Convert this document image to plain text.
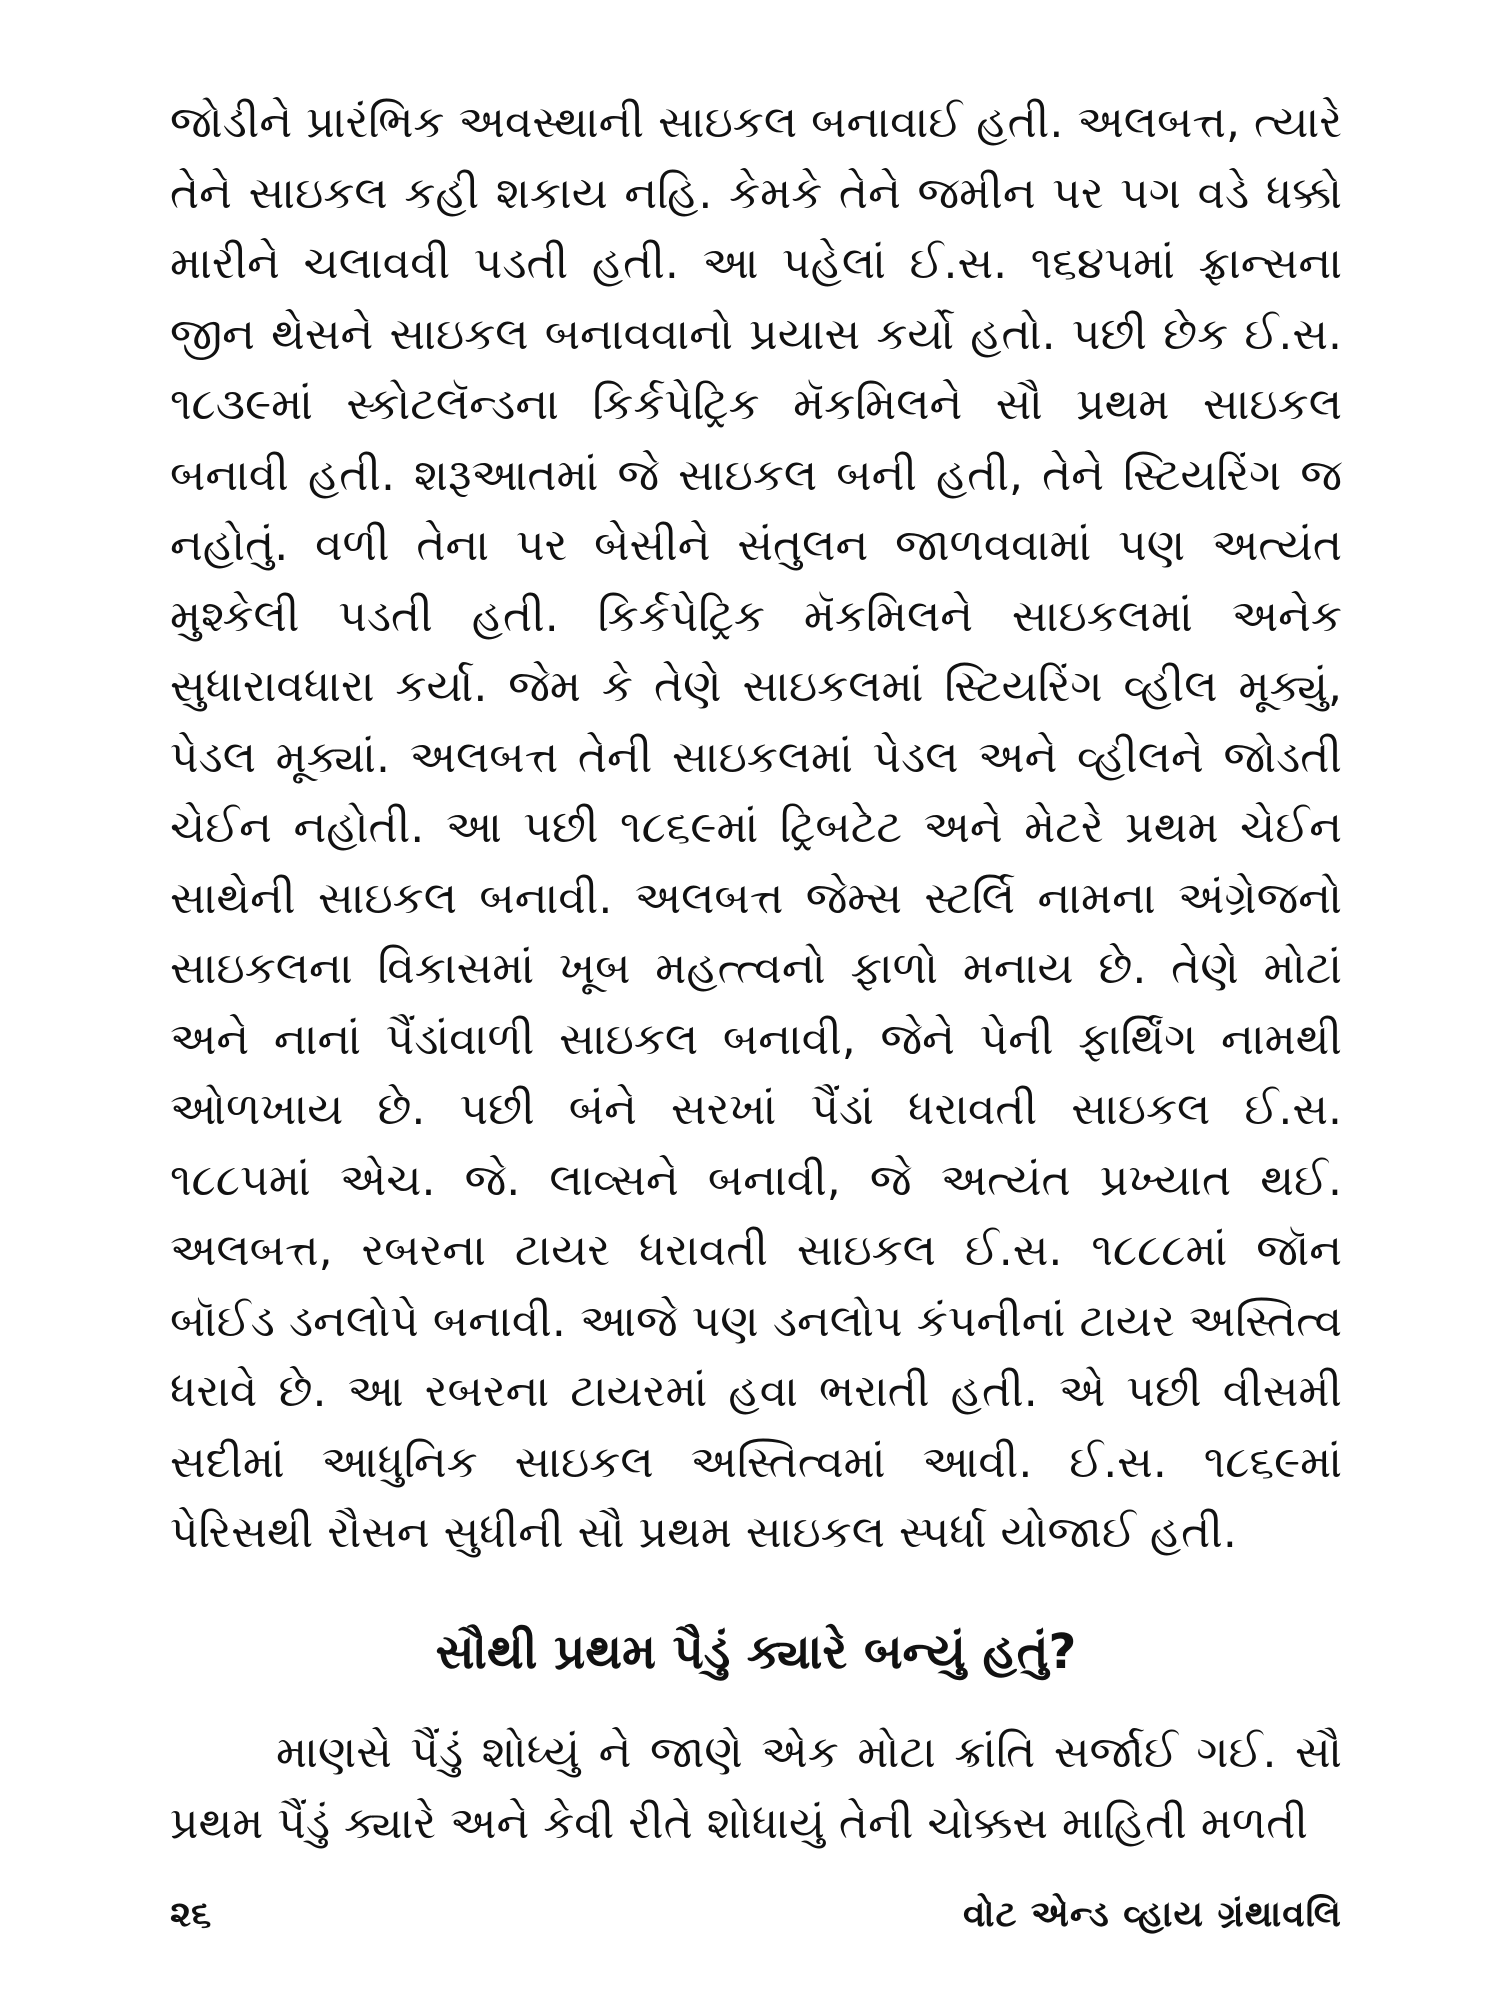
જોડીને પ્રારંભિક અવસ્થાની સાઇકલ બનાવાઈ હતી. અલબત્ત, ત્યારે
તેને સાઇકલ કહી શકાય નહિ. કેમકે તેને જમીન પર પગ વડે ધક્કો
મારીને ચલાવવી પડતી હતી. આ પહેલાં ઈ.સ. ૧૬૪૫માં ફ્રાન્સના
જીન થેસને સાઇકલ બનાવવાનો પ્રયાસ કર્યો હતો. પછી છેક ઈ.સ.
૧૮૩૯માં સ્કોટલૅન્ડના કિર્કપેટ્રિક મૅકમિલને સૌ પ્રથમ સાઇકલ
બનાવી હતી. શરૂઆતમાં જે સાઇકલ બની હતી, તેને સ્ટિયરિંગ જ
નહોતું. વળી તેના પર બેસીને સંતુલન જાળવવામાં પણ અત્યંત
મુશ્કેલી પડતી હતી. કિર્કપેટ્રિક મૅકમિલને સાઇકલમાં અનેક
સુધારાવધારા કર્યા. જેમ કે તેણે સાઇકલમાં સ્ટિયરિંગ વ્હીલ મૂક્યું,
પેડલ મૂક્યાં. અલબત્ત તેની સાઇકલમાં પેડલ અને વ્હીલને જોડતી
ચેઈન નહોતી. આ પછી ૧૮૬૯માં ટ્રિબટેટ અને મેટરે પ્રથમ ચેઈન
સાથેની સાઇકલ બનાવી. અલબત્ત જેમ્સ સ્ટર્લિ નામના અંગ્રેજનો
સાઇકલના વિકાસમાં ખૂબ મહત્ત્વનો ફાળો મનાય છે. તેણે મોટાં
અને નાનાં પૈંડાંવાળી સાઇકલ બનાવી, જેને પેની ફાર્થિંગ નામથી
ઓળખાય છે. પછી બંને સરખાં પૈંડાં ધરાવતી સાઇકલ ઈ.સ.
૧૮૮૫માં એચ. જે. લાવ્સને બનાવી, જે અત્યંત પ્રખ્યાત થઈ.
અલબત્ત, રબરના ટાયર ધરાવતી સાઇકલ ઈ.સ. ૧૮૮૮માં જૉન
બૉઈડ ડનલોપે બનાવી. આજે પણ ડનલોપ કંપનીનાં ટાયર અસ્તિત્વ
ધરાવે છે. આ રબરના ટાયરમાં હવા ભરાતી હતી. એ પછી વીસમી
સદીમાં આધુનિક સાઇકલ અસ્તિત્વમાં આવી. ઈ.સ. ૧૮૬૯માં
પેરિસથી રૌસન સુધીની સૌ પ્રથમ સાઇકલ સ્પર્ધા યોજાઈ હતી.
સૌથી પ્રથમ પૈડું ક્યારે બન્યું હતું?
માણસે પૈંડું શોધ્યું ને જાણે એક મોટા ક્રાંતિ સર્જાઈ ગઈ. સૌ
પ્રથમ પૈંડું ક્યારે અને કેવી રીતે શોધાયું તેની ચોક્કસ માહિતી મળતી
૨૬	વોટ એન્ડ વ્હાય ગ્રંથાવલિ
